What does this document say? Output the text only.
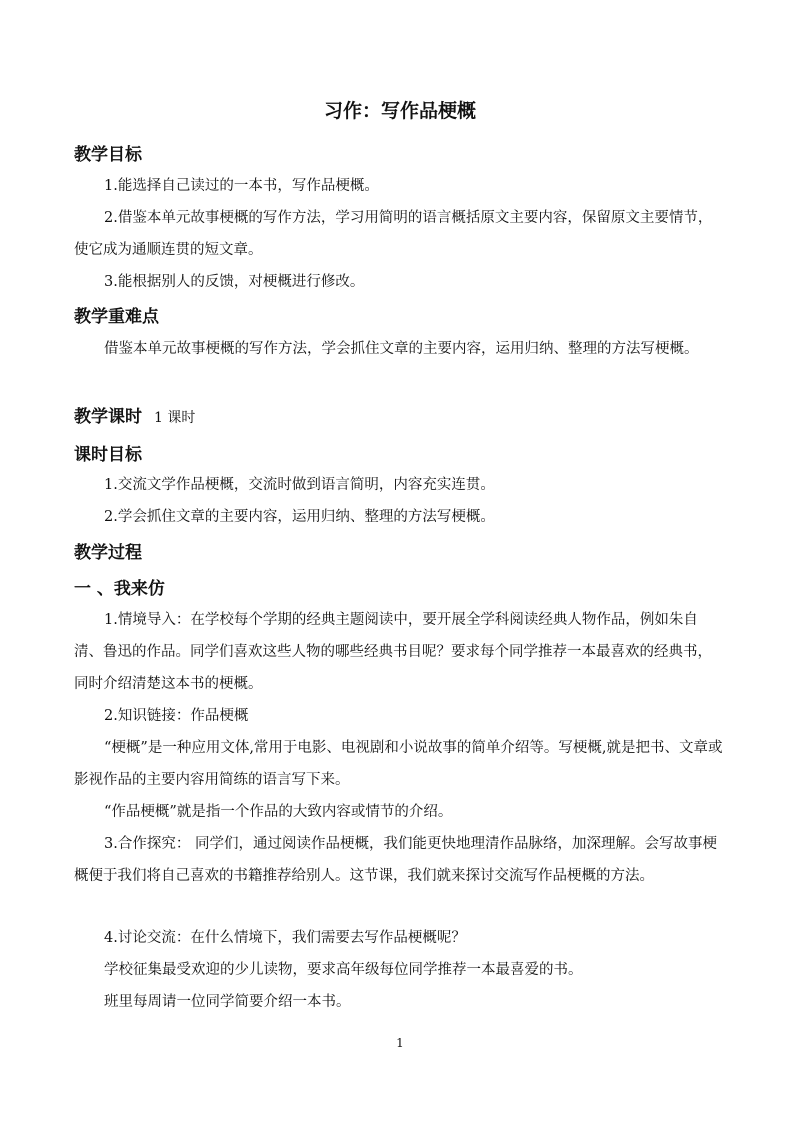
习作：写作品梗概
教学目标
1.能选择自己读过的一本书，写作品梗概。
2.借鉴本单元故事梗概的写作方法，学习用简明的语言概括原文主要内容，保留原文主要情节，使它成为通顺连贯的短文章。
3.能根据别人的反馈，对梗概进行修改。
教学重难点
借鉴本单元故事梗概的写作方法，学会抓住文章的主要内容，运用归纳、整理的方法写梗概。
教学课时 1 课时
课时目标
1.交流文学作品梗概，交流时做到语言简明，内容充实连贯。
2.学会抓住文章的主要内容，运用归纳、整理的方法写梗概。
教学过程
一 、我来仿
1.情境导入：在学校每个学期的经典主题阅读中，要开展全学科阅读经典人物作品，例如朱自清、鲁迅的作品。同学们喜欢这些人物的哪些经典书目呢？要求每个同学推荐一本最喜欢的经典书，同时介绍清楚这本书的梗概。
2.知识链接：作品梗概
“梗概”是一种应用文体,常用于电影、电视剧和小说故事的简单介绍等。写梗概,就是把书、文章或影视作品的主要内容用简练的语言写下来。
“作品梗概”就是指一个作品的大致内容或情节的介绍。
3.合作探究： 同学们，通过阅读作品梗概，我们能更快地理清作品脉络，加深理解。会写故事梗概便于我们将自己喜欢的书籍推荐给别人。这节课，我们就来探讨交流写作品梗概的方法。
4.讨论交流：在什么情境下，我们需要去写作品梗概呢？
学校征集最受欢迎的少儿读物，要求高年级每位同学推荐一本最喜爱的书。
班里每周请一位同学简要介绍一本书。
1
